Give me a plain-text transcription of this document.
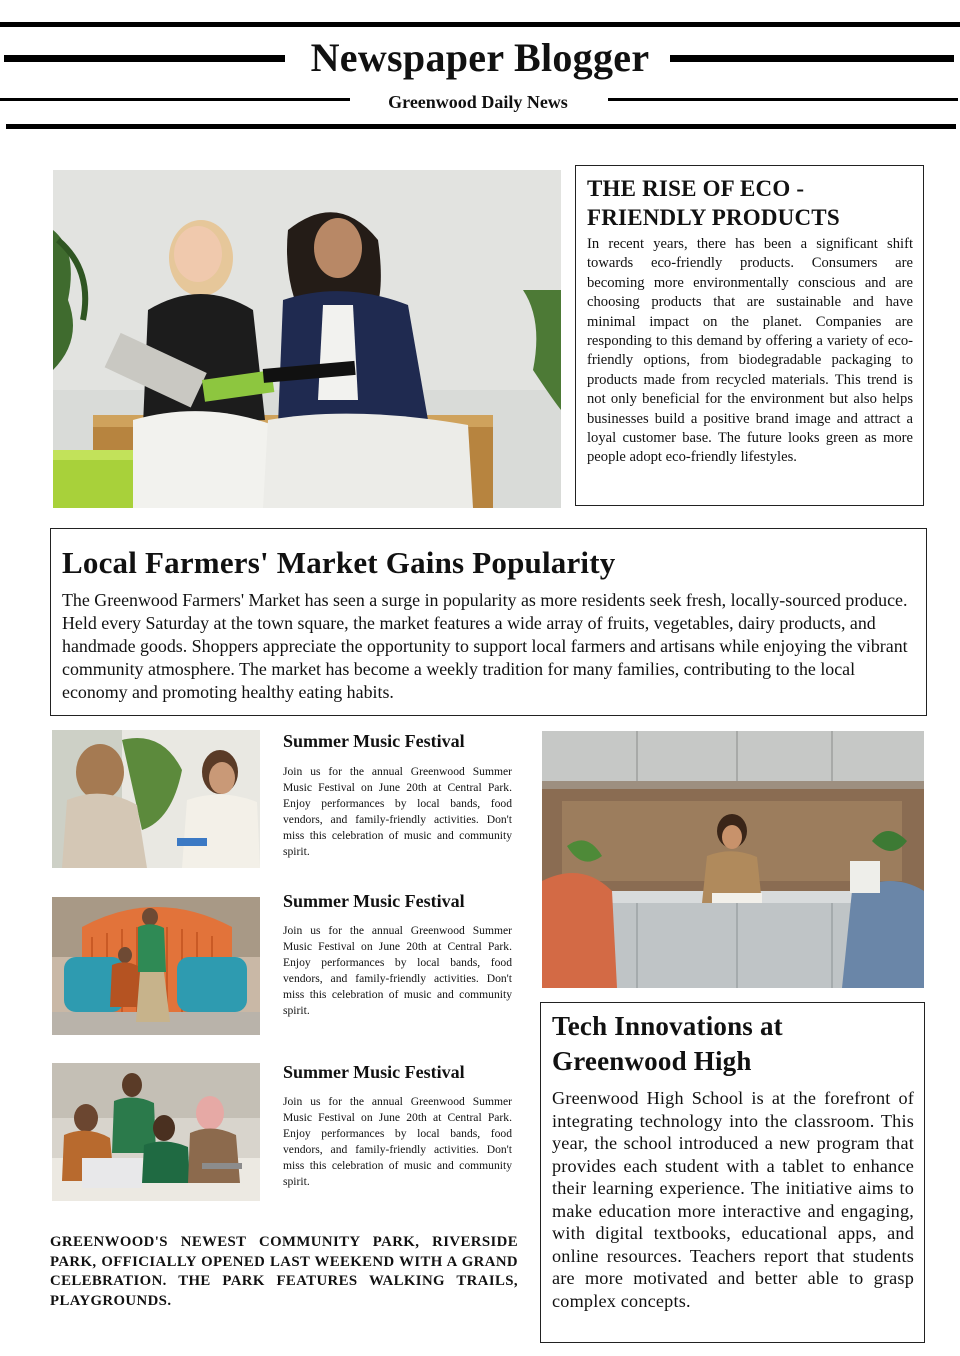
Newspaper Blogger
Greenwood Daily News
THE RISE OF ECO - FRIENDLY PRODUCTS

In recent years, there has been a significant shift towards eco-friendly products. Consumers are becoming more environmentally conscious and are choosing products that are sustainable and have minimal impact on the planet. Companies are responding to this demand by offering a variety of eco-friendly options, from biodegradable packaging to products made from recycled materials. This trend is not only beneficial for the environment but also helps businesses build a positive brand image and attract a loyal customer base. The future looks green as more people adopt eco-friendly lifestyles.

Local Farmers' Market Gains Popularity

The Greenwood Farmers' Market has seen a surge in popularity as more residents seek fresh, locally-sourced produce. Held every Saturday at the town square, the market features a wide array of fruits, vegetables, dairy products, and handmade goods. Shoppers appreciate the opportunity to support local farmers and artisans while enjoying the vibrant community atmosphere. The market has become a weekly tradition for many families, contributing to the local economy and promoting healthy eating habits.

Summer Music Festival

Join us for the annual Greenwood Summer Music Festival on June 20th at Central Park. Enjoy performances by local bands, food vendors, and family-friendly activities. Don't miss this celebration of music and community spirit.

Summer Music Festival

Join us for the annual Greenwood Summer Music Festival on June 20th at Central Park. Enjoy performances by local bands, food vendors, and family-friendly activities. Don't miss this celebration of music and community spirit.

Summer Music Festival

Join us for the annual Greenwood Summer Music Festival on June 20th at Central Park. Enjoy performances by local bands, food vendors, and family-friendly activities. Don't miss this celebration of music and community spirit.

GREENWOOD'S NEWEST COMMUNITY PARK, RIVERSIDE PARK, OFFICIALLY OPENED LAST WEEKEND WITH A GRAND CELEBRATION. THE PARK FEATURES WALKING TRAILS, PLAYGROUNDS.

Tech Innovations at Greenwood High

Greenwood High School is at the forefront of integrating technology into the classroom. This year, the school introduced a new program that provides each student with a tablet to enhance their learning experience. The initiative aims to make education more interactive and engaging, with digital textbooks, educational apps, and online resources. Teachers report that students are more motivated and better able to grasp complex concepts.
